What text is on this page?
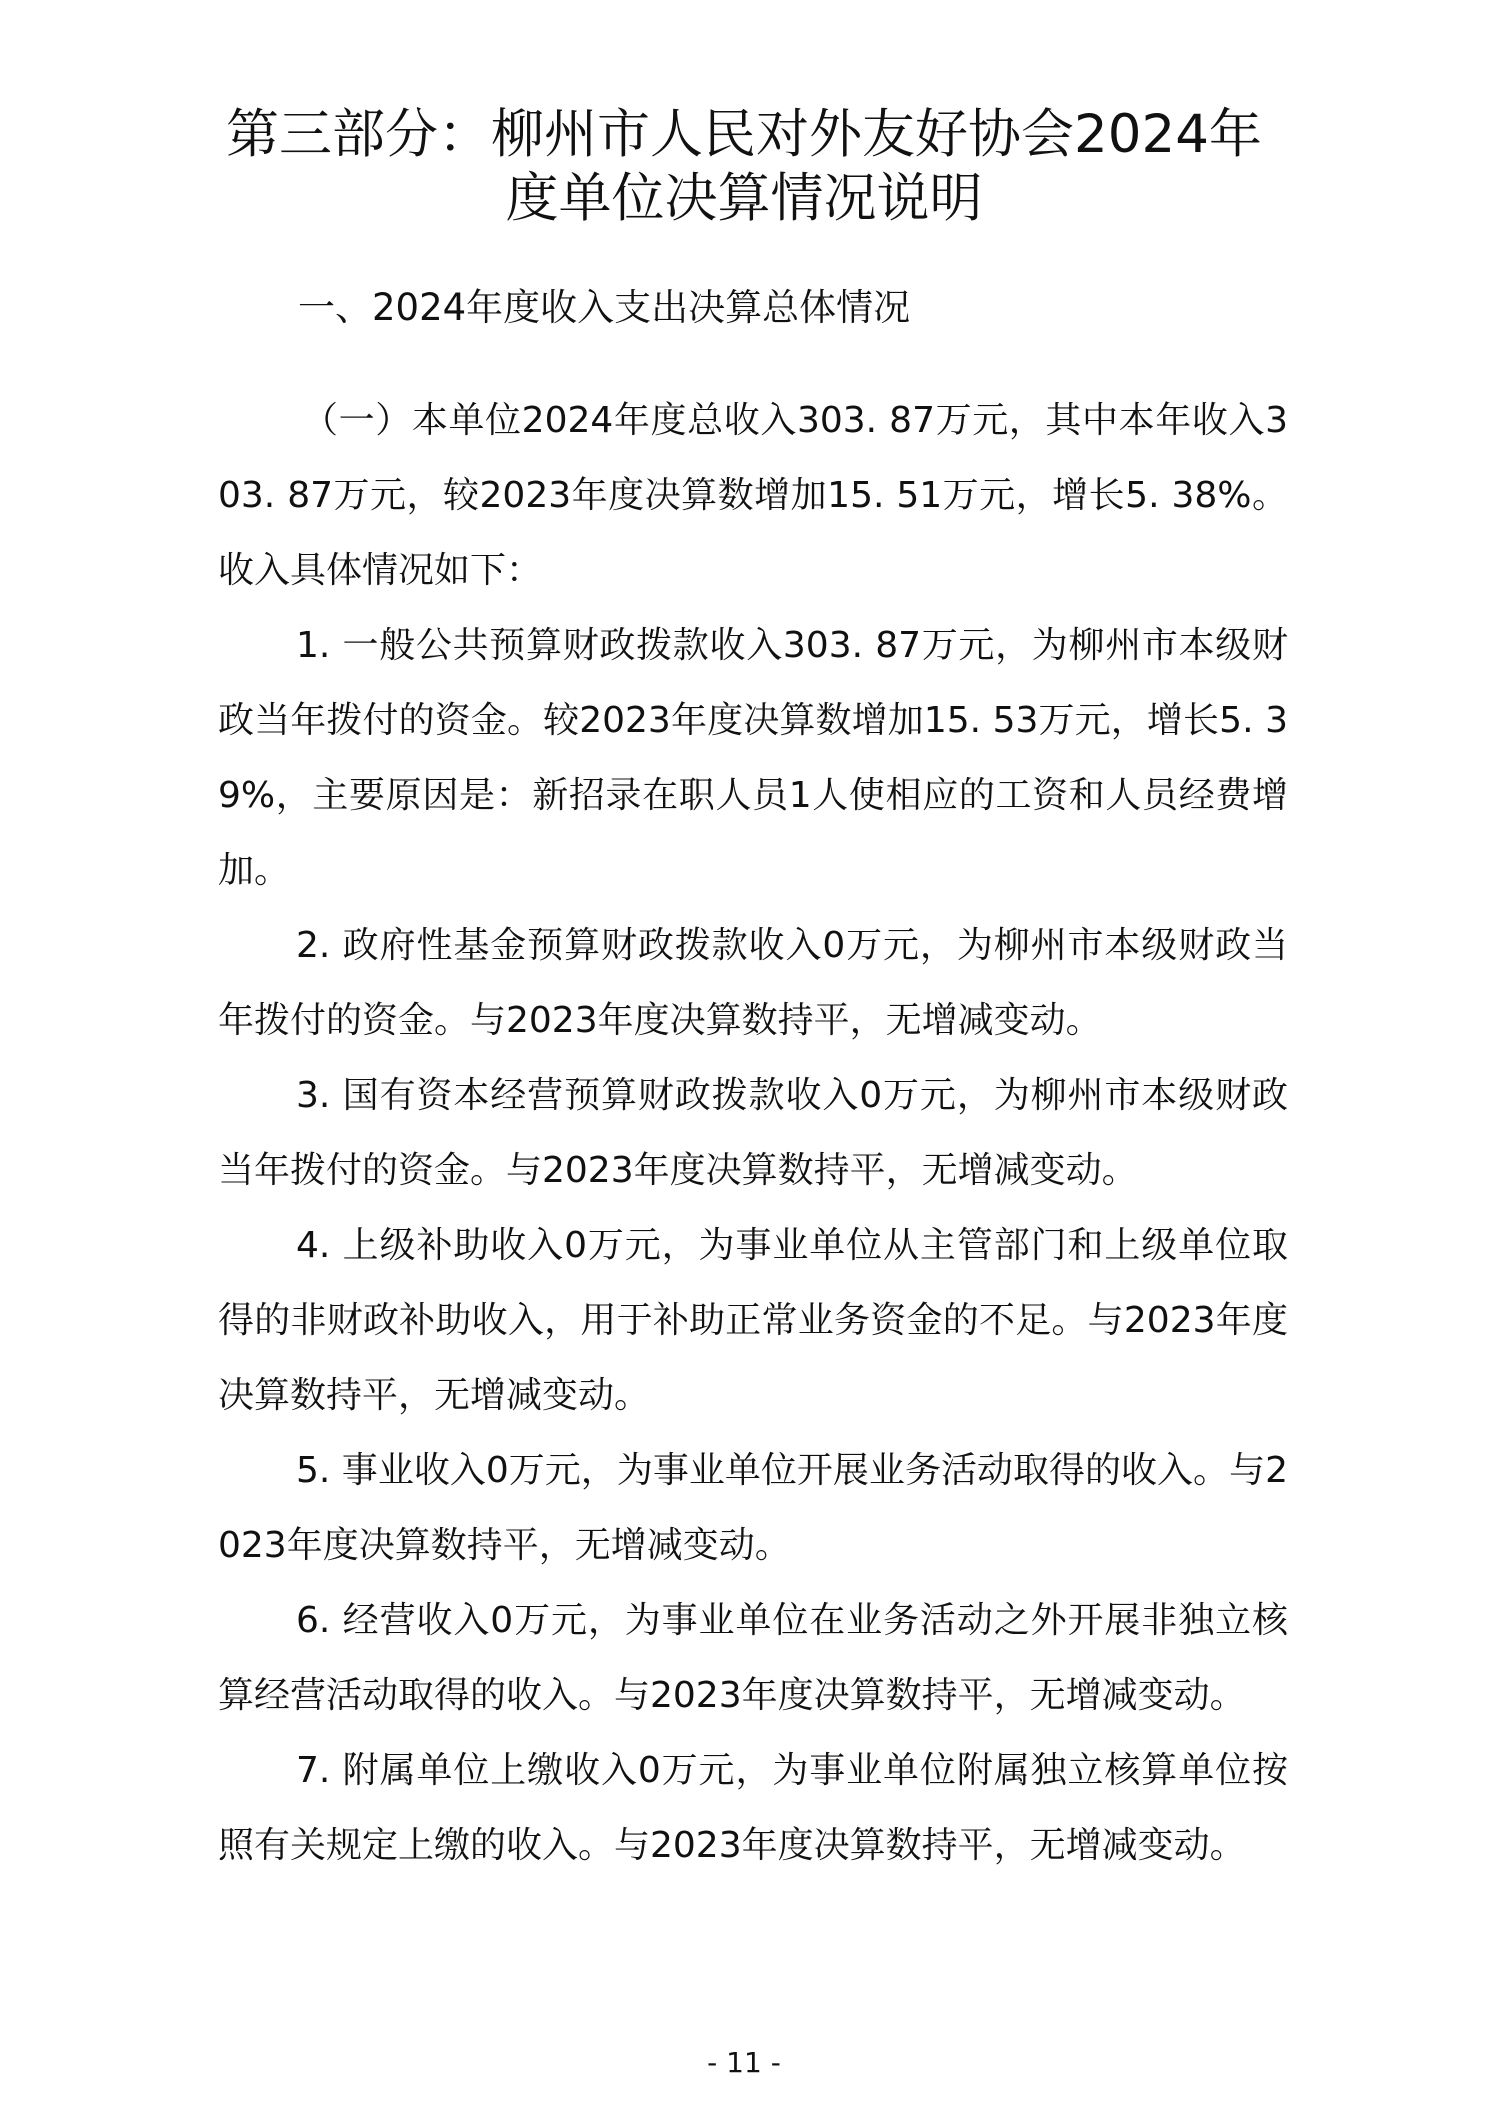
第三部分：柳州市人民对外友好协会2024年
度单位决算情况说明

一、2024年度收入支出决算总体情况

（一）本单位2024年度总收入303. 87万元，其中本年收入303. 87万元，较2023年度决算数增加15. 51万元，增长5. 38%。收入具体情况如下：

1. 一般公共预算财政拨款收入303. 87万元，为柳州市本级财政当年拨付的资金。较2023年度决算数增加15. 53万元，增长5. 39%，主要原因是：新招录在职人员1人使相应的工资和人员经费增加。

2. 政府性基金预算财政拨款收入0万元，为柳州市本级财政当年拨付的资金。与2023年度决算数持平，无增减变动。

3. 国有资本经营预算财政拨款收入0万元，为柳州市本级财政当年拨付的资金。与2023年度决算数持平，无增减变动。

4. 上级补助收入0万元，为事业单位从主管部门和上级单位取得的非财政补助收入，用于补助正常业务资金的不足。与2023年度决算数持平，无增减变动。

5. 事业收入0万元，为事业单位开展业务活动取得的收入。与2023年度决算数持平，无增减变动。

6. 经营收入0万元，为事业单位在业务活动之外开展非独立核算经营活动取得的收入。与2023年度决算数持平，无增减变动。

7. 附属单位上缴收入0万元，为事业单位附属独立核算单位按照有关规定上缴的收入。与2023年度决算数持平，无增减变动。

- 11 -
